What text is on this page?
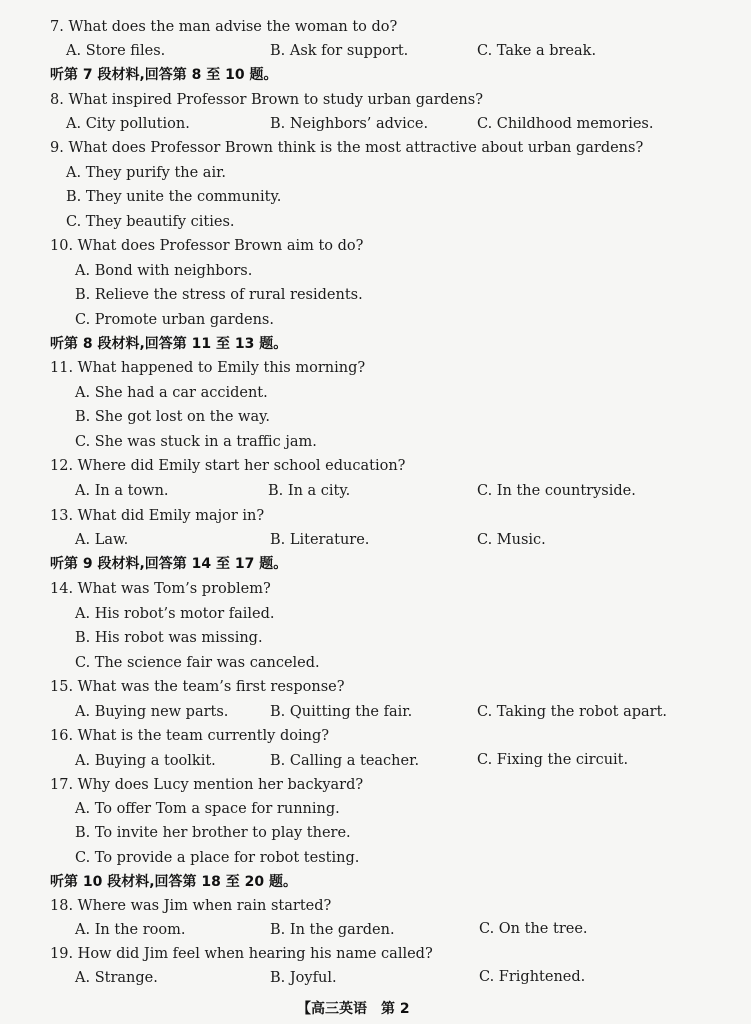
7. What does the man advise the woman to do?
A. Store files.	B. Ask for support.	C. Take a break.
听第 7 段材料,回答第 8 至 10 题。
8. What inspired Professor Brown to study urban gardens?
A. City pollution.	B. Neighbors’ advice.	C. Childhood memories.
9. What does Professor Brown think is the most attractive about urban gardens?
A. They purify the air.
B. They unite the community.
C. They beautify cities.
10. What does Professor Brown aim to do?
A. Bond with neighbors.
B. Relieve the stress of rural residents.
C. Promote urban gardens.
听第 8 段材料,回答第 11 至 13 题。
11. What happened to Emily this morning?
A. She had a car accident.
B. She got lost on the way.
C. She was stuck in a traffic jam.
12. Where did Emily start her school education?
A. In a town.	B. In a city.	C. In the countryside.
13. What did Emily major in?
A. Law.	B. Literature.	C. Music.
听第 9 段材料,回答第 14 至 17 题。
14. What was Tom’s problem?
A. His robot’s motor failed.
B. His robot was missing.
C. The science fair was canceled.
15. What was the team’s first response?
A. Buying new parts.	B. Quitting the fair.	C. Taking the robot apart.
16. What is the team currently doing?
A. Buying a toolkit.	B. Calling a teacher.	C. Fixing the circuit.
17. Why does Lucy mention her backyard?
A. To offer Tom a space for running.
B. To invite her brother to play there.
C. To provide a place for robot testing.
听第 10 段材料,回答第 18 至 20 题。
18. Where was Jim when rain started?
A. In the room.	B. In the garden.	C. On the tree.
19. How did Jim feel when hearing his name called?
A. Strange.	B. Joyful.	C. Frightened.
【高三英语　第 2
